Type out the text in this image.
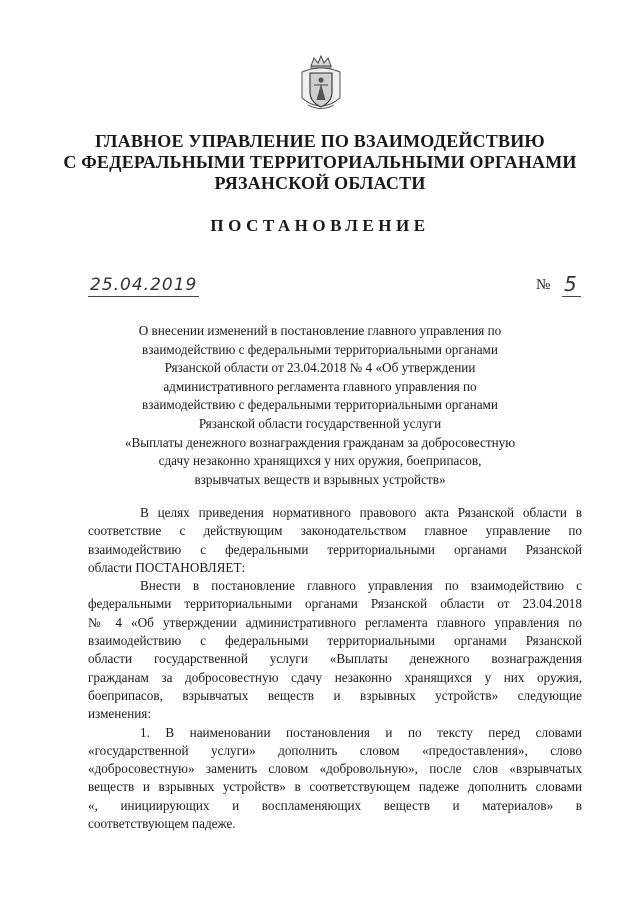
ГЛАВНОЕ УПРАВЛЕНИЕ ПО ВЗАИМОДЕЙСТВИЮ
С ФЕДЕРАЛЬНЫМИ ТЕРРИТОРИАЛЬНЫМИ ОРГАНАМИ
РЯЗАНСКОЙ ОБЛАСТИ
ПОСТАНОВЛЕНИЕ
25.04.2019	№ 5
О внесении изменений в постановление главного управления по
взаимодействию с федеральными территориальными органами
Рязанской области от 23.04.2018 № 4 «Об утверждении
административного регламента главного управления по
взаимодействию с федеральными территориальными органами
Рязанской области государственной услуги
«Выплаты денежного вознаграждения гражданам за добросовестную
сдачу незаконно хранящихся у них оружия, боеприпасов,
взрывчатых веществ и взрывных устройств»
В целях приведения нормативного правового акта Рязанской области в
соответствие с действующим законодательством главное управление по
взаимодействию с федеральными территориальными органами Рязанской
области ПОСТАНОВЛЯЕТ:
Внести в постановление главного управления по взаимодействию с
федеральными территориальными органами Рязанской области от 23.04.2018
№ 4 «Об утверждении административного регламента главного управления по
взаимодействию с федеральными территориальными органами Рязанской
области государственной услуги «Выплаты денежного вознаграждения
гражданам за добросовестную сдачу незаконно хранящихся у них оружия,
боеприпасов, взрывчатых веществ и взрывных устройств» следующие
изменения:
1. В наименовании постановления и по тексту перед словами
«государственной услуги» дополнить словом «предоставления», слово
«добросовестную» заменить словом «добровольную», после слов «взрывчатых
веществ и взрывных устройств» в соответствующем падеже дополнить словами
«, инициирующих и воспламеняющих веществ и материалов» в
соответствующем падеже.
